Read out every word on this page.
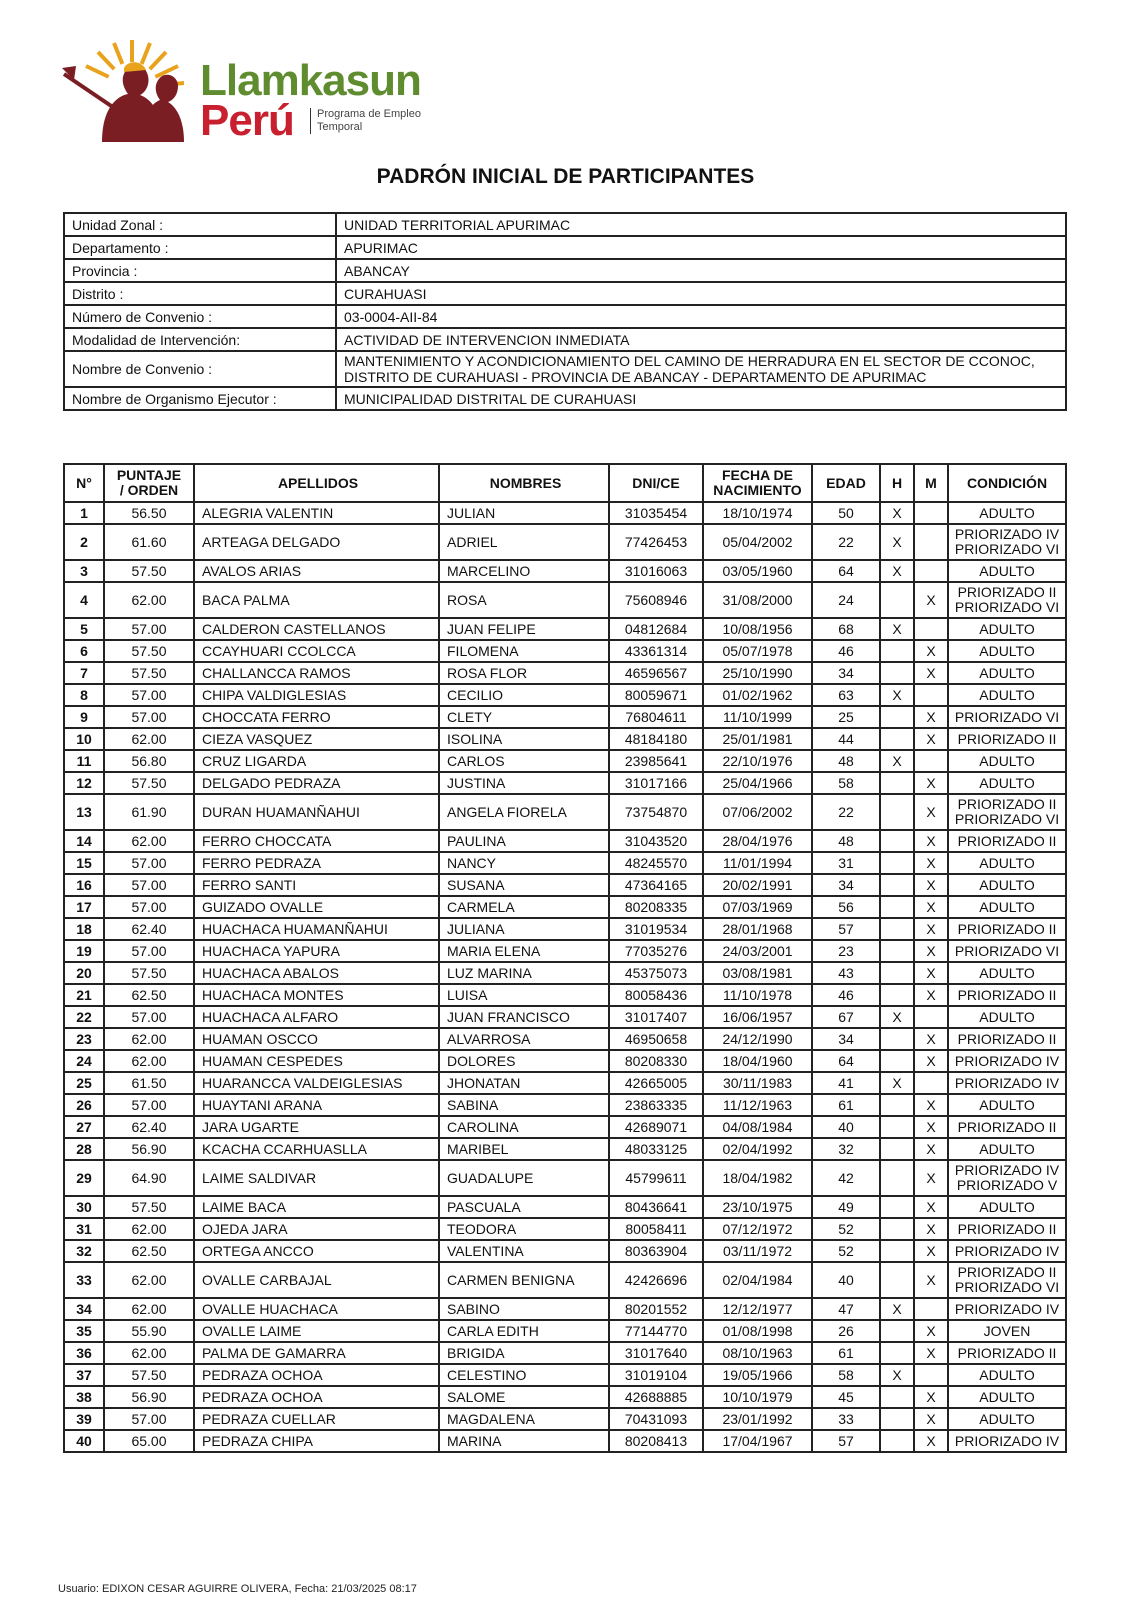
Llamkasun
Perú Programa de Empleo
Temporal
PADRÓN INICIAL DE PARTICIPANTES
Unidad Zonal :	UNIDAD TERRITORIAL APURIMAC
Departamento :	APURIMAC
Provincia :	ABANCAY
Distrito :	CURAHUASI
Número de Convenio :	03-0004-AII-84
Modalidad de Intervención:	ACTIVIDAD DE INTERVENCION INMEDIATA
Nombre de Convenio :	MANTENIMIENTO Y ACONDICIONAMIENTO DEL CAMINO DE HERRADURA EN EL SECTOR DE CCONOC, DISTRITO DE CURAHUASI - PROVINCIA DE ABANCAY - DEPARTAMENTO DE APURIMAC
Nombre de Organismo Ejecutor :	MUNICIPALIDAD DISTRITAL DE CURAHUASI
N°	PUNTAJE
/ ORDEN	APELLIDOS	NOMBRES	DNI/CE	FECHA DE
NACIMIENTO	EDAD	H	M	CONDICIÓN
1	56.50	ALEGRIA VALENTIN	JULIAN	31035454	18/10/1974	50	X		ADULTO

2	61.60	ARTEAGA DELGADO	ADRIEL	77426453	05/04/2002	22	X		PRIORIZADO IV
PRIORIZADO VI

3	57.50	AVALOS ARIAS	MARCELINO	31016063	03/05/1960	64	X		ADULTO

4	62.00	BACA PALMA	ROSA	75608946	31/08/2000	24		X	PRIORIZADO II
PRIORIZADO VI

5	57.00	CALDERON CASTELLANOS	JUAN FELIPE	04812684	10/08/1956	68	X		ADULTO

6	57.50	CCAYHUARI CCOLCCA	FILOMENA	43361314	05/07/1978	46		X	ADULTO

7	57.50	CHALLANCCA RAMOS	ROSA FLOR	46596567	25/10/1990	34		X	ADULTO

8	57.00	CHIPA VALDIGLESIAS	CECILIO	80059671	01/02/1962	63	X		ADULTO

9	57.00	CHOCCATA FERRO	CLETY	76804611	11/10/1999	25		X	PRIORIZADO VI

10	62.00	CIEZA VASQUEZ	ISOLINA	48184180	25/01/1981	44		X	PRIORIZADO II

11	56.80	CRUZ LIGARDA	CARLOS	23985641	22/10/1976	48	X		ADULTO

12	57.50	DELGADO PEDRAZA	JUSTINA	31017166	25/04/1966	58		X	ADULTO

13	61.90	DURAN HUAMANÑAHUI	ANGELA FIORELA	73754870	07/06/2002	22		X	PRIORIZADO II
PRIORIZADO VI

14	62.00	FERRO CHOCCATA	PAULINA	31043520	28/04/1976	48		X	PRIORIZADO II

15	57.00	FERRO PEDRAZA	NANCY	48245570	11/01/1994	31		X	ADULTO

16	57.00	FERRO SANTI	SUSANA	47364165	20/02/1991	34		X	ADULTO

17	57.00	GUIZADO OVALLE	CARMELA	80208335	07/03/1969	56		X	ADULTO

18	62.40	HUACHACA HUAMANÑAHUI	JULIANA	31019534	28/01/1968	57		X	PRIORIZADO II

19	57.00	HUACHACA YAPURA	MARIA ELENA	77035276	24/03/2001	23		X	PRIORIZADO VI

20	57.50	HUACHACA ABALOS	LUZ MARINA	45375073	03/08/1981	43		X	ADULTO

21	62.50	HUACHACA MONTES	LUISA	80058436	11/10/1978	46		X	PRIORIZADO II

22	57.00	HUACHACA ALFARO	JUAN FRANCISCO	31017407	16/06/1957	67	X		ADULTO

23	62.00	HUAMAN OSCCO	ALVARROSA	46950658	24/12/1990	34		X	PRIORIZADO II

24	62.00	HUAMAN CESPEDES	DOLORES	80208330	18/04/1960	64		X	PRIORIZADO IV

25	61.50	HUARANCCA VALDEIGLESIAS	JHONATAN	42665005	30/11/1983	41	X		PRIORIZADO IV

26	57.00	HUAYTANI ARANA	SABINA	23863335	11/12/1963	61		X	ADULTO

27	62.40	JARA UGARTE	CAROLINA	42689071	04/08/1984	40		X	PRIORIZADO II

28	56.90	KCACHA CCARHUASLLA	MARIBEL	48033125	02/04/1992	32		X	ADULTO

29	64.90	LAIME SALDIVAR	GUADALUPE	45799611	18/04/1982	42		X	PRIORIZADO IV
PRIORIZADO V

30	57.50	LAIME BACA	PASCUALA	80436641	23/10/1975	49		X	ADULTO

31	62.00	OJEDA JARA	TEODORA	80058411	07/12/1972	52		X	PRIORIZADO II

32	62.50	ORTEGA ANCCO	VALENTINA	80363904	03/11/1972	52		X	PRIORIZADO IV

33	62.00	OVALLE CARBAJAL	CARMEN BENIGNA	42426696	02/04/1984	40		X	PRIORIZADO II
PRIORIZADO VI

34	62.00	OVALLE HUACHACA	SABINO	80201552	12/12/1977	47	X		PRIORIZADO IV

35	55.90	OVALLE LAIME	CARLA EDITH	77144770	01/08/1998	26		X	JOVEN

36	62.00	PALMA DE GAMARRA	BRIGIDA	31017640	08/10/1963	61		X	PRIORIZADO II

37	57.50	PEDRAZA OCHOA	CELESTINO	31019104	19/05/1966	58	X		ADULTO

38	56.90	PEDRAZA OCHOA	SALOME	42688885	10/10/1979	45		X	ADULTO

39	57.00	PEDRAZA CUELLAR	MAGDALENA	70431093	23/01/1992	33		X	ADULTO

40	65.00	PEDRAZA CHIPA	MARINA	80208413	17/04/1967	57		X	PRIORIZADO IV
Usuario: EDIXON CESAR AGUIRRE OLIVERA, Fecha: 21/03/2025 08:17
